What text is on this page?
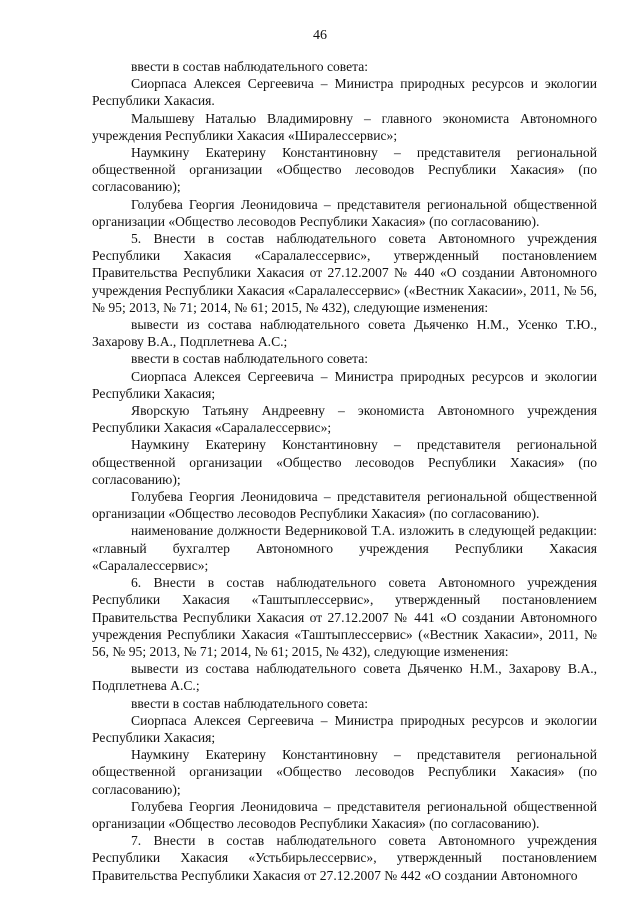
46

ввести в состав наблюдательного совета:

Сиорпаса Алексея Сергеевича – Министра природных ресурсов и экологии Республики Хакасия.

Малышеву Наталью Владимировну – главного экономиста Автономного учреждения Республики Хакасия «Ширалессервис»;

Наумкину Екатерину Константиновну – представителя региональной общественной организации «Общество лесоводов Республики Хакасия» (по согласованию);

Голубева Георгия Леонидовича – представителя региональной общественной организации «Общество лесоводов Республики Хакасия» (по согласованию).

5. Внести в состав наблюдательного совета Автономного учреждения Республики Хакасия «Саралалессервис», утвержденный постановлением Правительства Республики Хакасия от 27.12.2007 № 440 «О создании Автономного учреждения Республики Хакасия «Саралалессервис» («Вестник Хакасии», 2011, № 56, № 95; 2013, № 71; 2014, № 61; 2015, № 432), следующие изменения:

вывести из состава наблюдательного совета Дьяченко Н.М., Усенко Т.Ю., Захарову В.А., Подплетнева А.С.;

ввести в состав наблюдательного совета:

Сиорпаса Алексея Сергеевича – Министра природных ресурсов и экологии Республики Хакасия;

Яворскую Татьяну Андреевну – экономиста Автономного учреждения Республики Хакасия «Саралалессервис»;

Наумкину Екатерину Константиновну – представителя региональной общественной организации «Общество лесоводов Республики Хакасия» (по согласованию);

Голубева Георгия Леонидовича – представителя региональной общественной организации «Общество лесоводов Республики Хакасия» (по согласованию).

наименование должности Ведерниковой Т.А. изложить в следующей редакции: «главный бухгалтер Автономного учреждения Республики Хакасия «Саралалессервис»;

6. Внести в состав наблюдательного совета Автономного учреждения Республики Хакасия «Таштыплессервис», утвержденный постановлением Правительства Республики Хакасия от 27.12.2007 № 441 «О создании Автономного учреждения Республики Хакасия «Таштыплессервис» («Вестник Хакасии», 2011, № 56, № 95; 2013, № 71; 2014, № 61; 2015, № 432), следующие изменения:

вывести из состава наблюдательного совета Дьяченко Н.М., Захарову В.А., Подплетнева А.С.;

ввести в состав наблюдательного совета:

Сиорпаса Алексея Сергеевича – Министра природных ресурсов и экологии Республики Хакасия;

Наумкину Екатерину Константиновну – представителя региональной общественной организации «Общество лесоводов Республики Хакасия» (по согласованию);

Голубева Георгия Леонидовича – представителя региональной общественной организации «Общество лесоводов Республики Хакасия» (по согласованию).

7. Внести в состав наблюдательного совета Автономного учреждения Республики Хакасия «Устьбирьлессервис», утвержденный постановлением Правительства Республики Хакасия от 27.12.2007 № 442 «О создании Автономного
